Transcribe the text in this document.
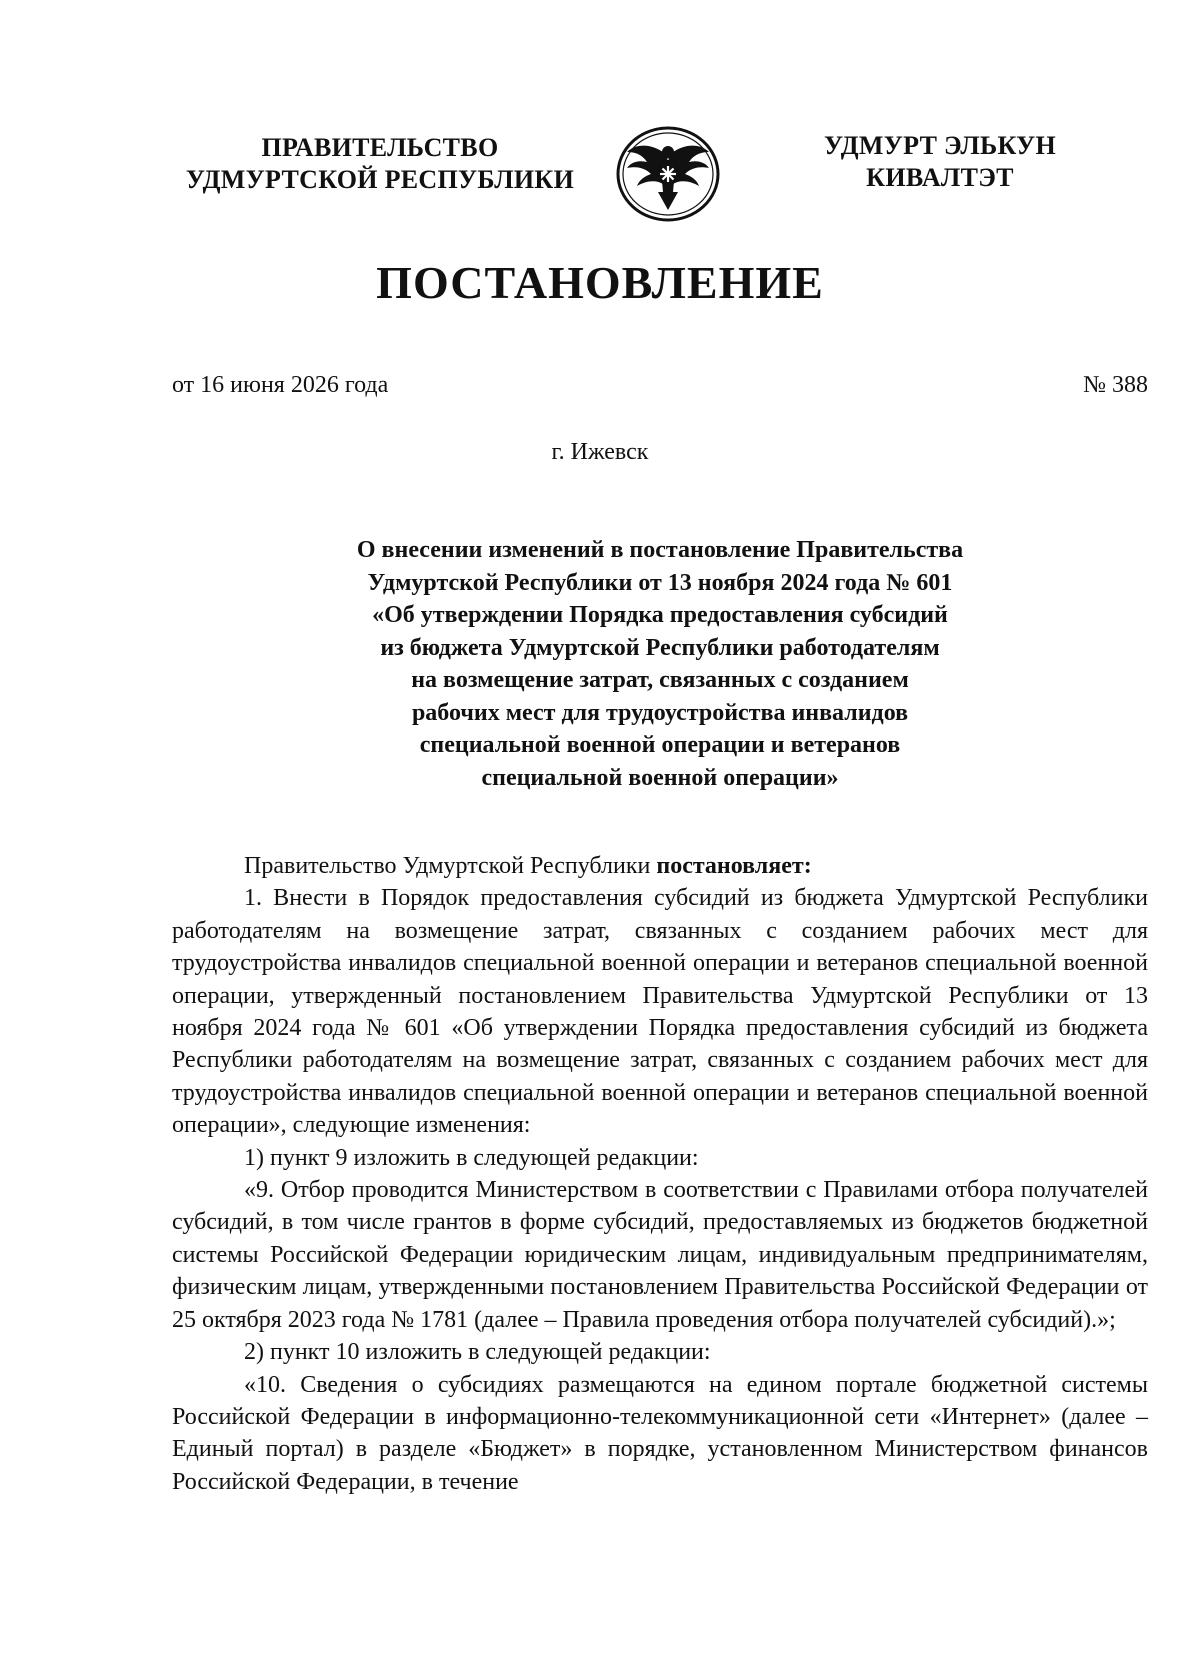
ПРАВИТЕЛЬСТВО
УДМУРТСКОЙ РЕСПУБЛИКИ
УДМУРТ ЭЛЬКУН
КИВАЛТЭТ
ПОСТАНОВЛЕНИЕ
от 16 июня 2026 года	№ 388
г. Ижевск
О внесении изменений в постановление Правительства
Удмуртской Республики от 13 ноября 2024 года № 601
«Об утверждении Порядка предоставления субсидий
из бюджета Удмуртской Республики работодателям
на возмещение затрат, связанных с созданием
рабочих мест для трудоустройства инвалидов
специальной военной операции и ветеранов
специальной военной операции»

Правительство Удмуртской Республики постановляет:

1. Внести в Порядок предоставления субсидий из бюджета Удмуртской Республики работодателям на возмещение затрат, связанных с созданием рабочих мест для трудоустройства инвалидов специальной военной операции и ветеранов специальной военной операции, утвержденный постановлением Правительства Удмуртской Республики от 13 ноября 2024 года № 601 «Об утверждении Порядка предоставления субсидий из бюджета Республики работодателям на возмещение затрат, связанных с созданием рабочих мест для трудоустройства инвалидов специальной военной операции и ветеранов специальной военной операции», следующие изменения:

1) пункт 9 изложить в следующей редакции:

«9. Отбор проводится Министерством в соответствии с Правилами отбора получателей субсидий, в том числе грантов в форме субсидий, предоставляемых из бюджетов бюджетной системы Российской Федерации юридическим лицам, индивидуальным предпринимателям, физическим лицам, утвержденными постановлением Правительства Российской Федерации от 25 октября 2023 года № 1781 (далее – Правила проведения отбора получателей субсидий).»;

2) пункт 10 изложить в следующей редакции:

«10. Сведения о субсидиях размещаются на едином портале бюджетной системы Российской Федерации в информационно-телекоммуникационной сети «Интернет» (далее – Единый портал) в разделе «Бюджет» в порядке, установленном Министерством финансов Российской Федерации, в течение
